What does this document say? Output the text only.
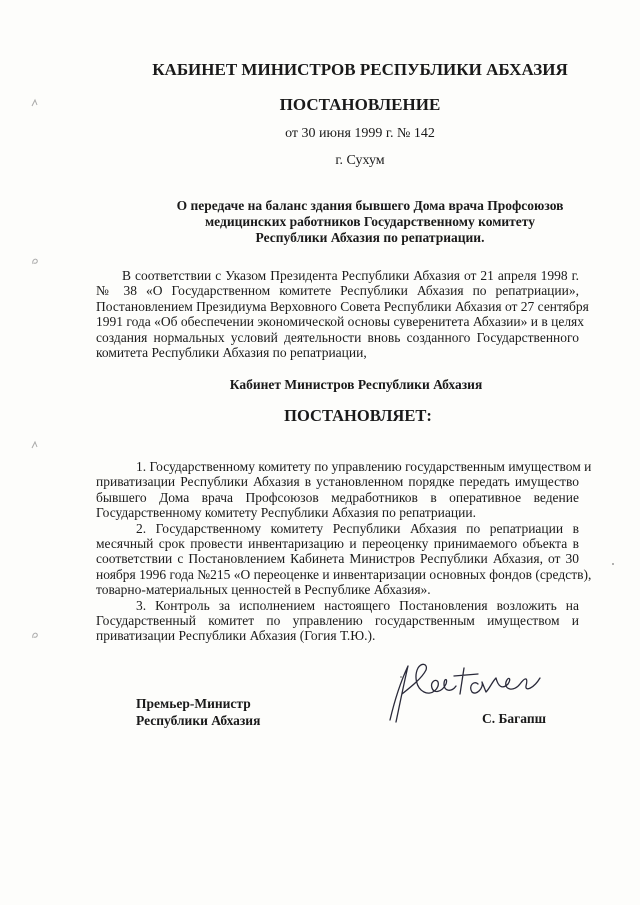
КАБИНЕТ МИНИСТРОВ РЕСПУБЛИКИ АБХАЗИЯ
ПОСТАНОВЛЕНИЕ
от 30 июня 1999 г. № 142
г. Сухум
О передаче на баланс здания бывшего Дома врача Профсоюзов
медицинских работников Государственному комитету
Республики Абхазия по репатриации.
В соответствии с Указом Президента Республики Абхазия от 21 апреля 1998 г.
№ 38 «О Государственном комитете Республики Абхазия по репатриации»,
Постановлением Президиума Верховного Совета Республики Абхазия от 27 сентября
1991 года «Об обеспечении экономической основы суверенитета Абхазии» и в целях
создания нормальных условий деятельности вновь созданного Государственного
комитета Республики Абхазия по репатриации,
Кабинет Министров Республики Абхазия
ПОСТАНОВЛЯЕТ:
1. Государственному комитету по управлению государственным имуществом и
приватизации Республики Абхазия в установленном порядке передать имущество
бывшего Дома врача Профсоюзов медработников в оперативное ведение
Государственному комитету Республики Абхазия по репатриации.
2. Государственному комитету Республики Абхазия по репатриации в
месячный срок провести инвентаризацию и переоценку принимаемого объекта в
соответствии с Постановлением Кабинета Министров Республики Абхазия, от 30
ноября 1996 года №215 «О переоценке и инвентаризации основных фондов (средств),
товарно-материальных ценностей в Республике Абхазия».
3. Контроль за исполнением настоящего Постановления возложить на
Государственный комитет по управлению государственным имуществом и
приватизации Республики Абхазия (Гогия Т.Ю.).
Премьер-Министр
Республики Абхазия	С. Багапш
